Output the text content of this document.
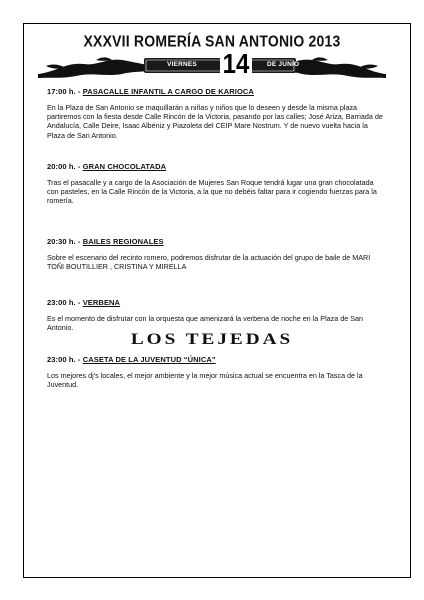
XXXVII ROMERÍA SAN ANTONIO 2013
VIERNES 14	DE JUNIO

17:00 h. - PASACALLE INFANTIL A CARGO DE KARIOCA

En la Plaza de San Antonio se maquillarán a niñas y niños que lo deseen y desde la misma plaza partiremos con la fiesta desde Calle Rincón de la Victoria, pasando por las calles; José Ariza, Barriada de Andalucía, Calle Deire, Isaac Albéniz y Piazoleta del CEIP Mare Nostrum. Y de nuevo vuelta hacia la Plaza de San Antonio.

20:00 h. - GRAN CHOCOLATADA

Tras el pasacalle y a cargo de la Asociación de Mujeres San Roque tendrá lugar una gran chocolatada con pasteles, en la Calle Rincón de la Victoria, a la que no debéis faltar para ir cogiendo fuerzas para la romería.

20:30 h. - BAILES REGIONALES

Sobre el escenario del recinto romero, podremos disfrutar de la actuación del grupo de baile de MARI TOÑI BOUTILLIER , CRISTINA Y MIRELLA

23:00 h. - VERBENA

Es el momento de disfrutar con la orquesta que amenizará la verbena de noche en la Plaza de San Antonio.

LOS TEJEDAS

23:00 h. - CASETA DE LA JUVENTUD “ÚNICA”

Los mejores dj's locales, el mejor ambiente y la mejor música actual se encuentra en la Tasca de la Juventud.
